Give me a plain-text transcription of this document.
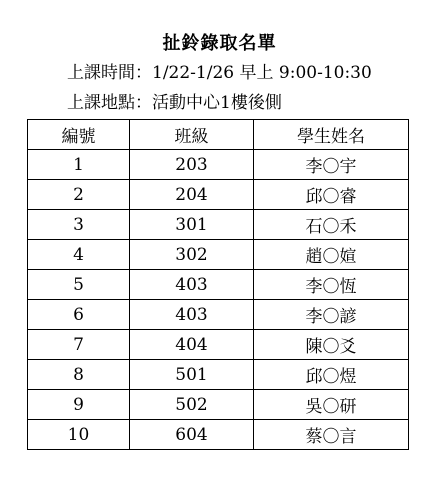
扯鈴錄取名單
上課時間：1/22-1/26 早上 9:00-10:30
上課地點：活動中心1樓後側
編號	班級	學生姓名
1	203	李〇宇
2	204	邱〇睿
3	301	石〇禾
4	302	趙〇媗
5	403	李〇恆
6	403	李〇諺
7	404	陳〇爻
8	501	邱〇煜
9	502	吳〇研
10	604	蔡〇言
